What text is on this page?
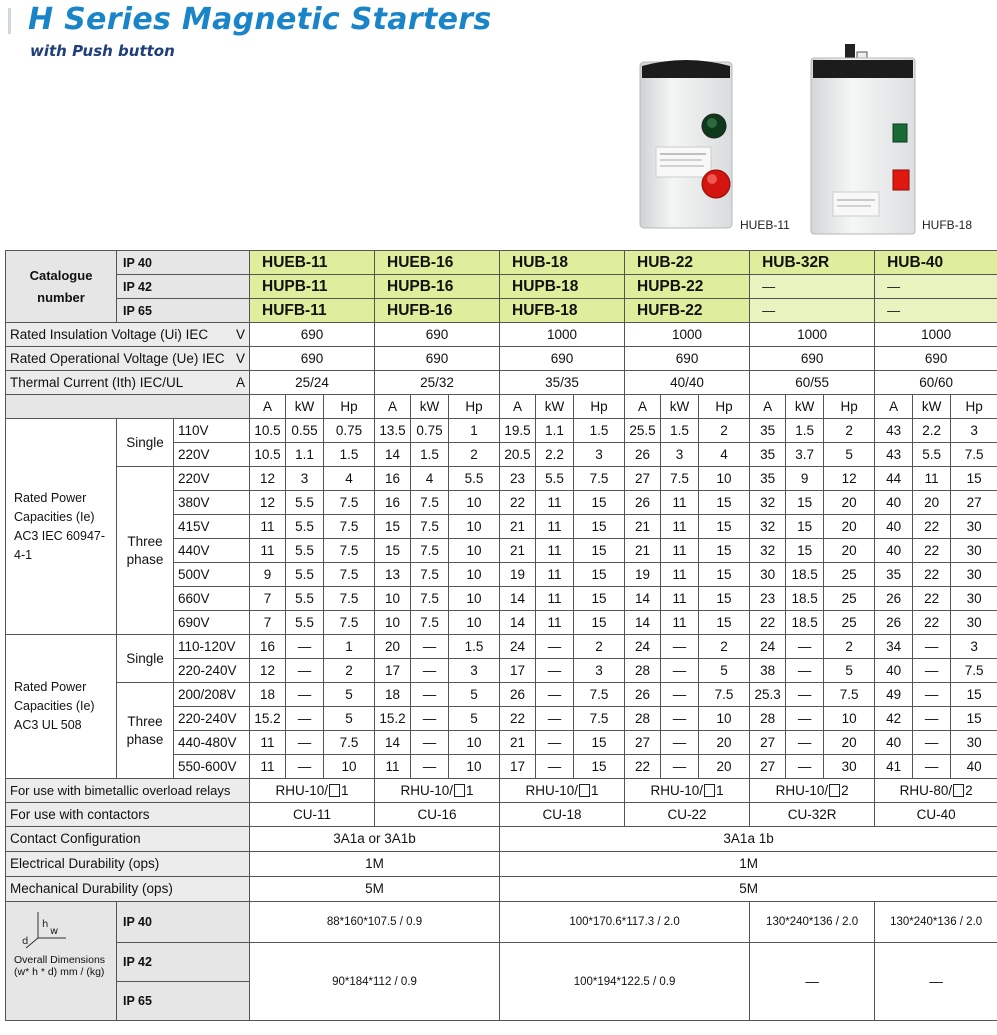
H Series Magnetic Starters
with Push button
HUEB-11	HUFB-18
Catalogue number	IP 40		HUEB-11			HUEB-16			HUB-18			HUB-22			HUB-32R			HUB-40		
	IP 42		HUPB-11			HUPB-16			HUPB-18			HUPB-22			—			—		
	IP 65		HUFB-11			HUFB-16			HUFB-18			HUFB-22			—			—		
Rated Insulation Voltage (Ui) IEC V			690			690			1000			1000			1000			1000		
Rated Operational Voltage (Ue) IEC V			690			690			690			690			690			690		
Thermal Current (Ith) IEC/UL A			25/24			25/32			35/35			40/40			60/55			60/60		
			A	kW	Hp	A	kW	Hp	A	kW	Hp	A	kW	Hp	A	kW	Hp	A	kW	Hp
Rated Power Capacities (Ie) AC3 IEC 60947-4-1	Single	110V	10.5	0.55	0.75	13.5	0.75	1	19.5	1.1	1.5	25.5	1.5	2	35	1.5	2	43	2.2	3
		220V	10.5	1.1	1.5	14	1.5	2	20.5	2.2	3	26	3	4	35	3.7	5	43	5.5	7.5
	Three phase	220V	12	3	4	16	4	5.5	23	5.5	7.5	27	7.5	10	35	9	12	44	11	15
		380V	12	5.5	7.5	16	7.5	10	22	11	15	26	11	15	32	15	20	40	20	27
		415V	11	5.5	7.5	15	7.5	10	21	11	15	21	11	15	32	15	20	40	22	30
		440V	11	5.5	7.5	15	7.5	10	21	11	15	21	11	15	32	15	20	40	22	30
		500V	9	5.5	7.5	13	7.5	10	19	11	15	19	11	15	30	18.5	25	35	22	30
		660V	7	5.5	7.5	10	7.5	10	14	11	15	14	11	15	23	18.5	25	26	22	30
		690V	7	5.5	7.5	10	7.5	10	14	11	15	14	11	15	22	18.5	25	26	22	30
Rated Power Capacities (Ie) AC3 UL 508	Single	110-120V	16	—	1	20	—	1.5	24	—	2	24	—	2	24	—	2	34	—	3
		220-240V	12	—	2	17	—	3	17	—	3	28	—	5	38	—	5	40	—	7.5
	Three phase	200/208V	18	—	5	18	—	5	26	—	7.5	26	—	7.5	25.3	—	7.5	49	—	15
		220-240V	15.2	—	5	15.2	—	5	22	—	7.5	28	—	10	28	—	10	42	—	15
		440-480V	11	—	7.5	14	—	10	21	—	15	27	—	20	27	—	20	40	—	30
		550-600V	11	—	10	11	—	10	17	—	15	22	—	20	27	—	30	41	—	40
For use with bimetallic overload relays			RHU-10/ 1			RHU-10/ 1			RHU-10/ 1			RHU-10/ 1			RHU-10/ 2			RHU-80/ 2		
For use with contactors			CU-11			CU-16			CU-18			CU-22			CU-32R			CU-40		
Contact Configuration			3A1a or 3A1b						3A1a 1b											
Electrical Durability (ops)			1M						1M											
Mechanical Durability (ops)			5M						5M											

h
w
d
Overall Dimensions (w* h * d) mm / (kg)	IP 40		88*160*107.5 / 0.9						100*170.6*117.3 / 2.0						130*240*136 / 2.0			130*240*136 / 2.0		
	IP 42		90*184*112 / 0.9						100*194*122.5 / 0.9						—			—		
	IP 65																			
